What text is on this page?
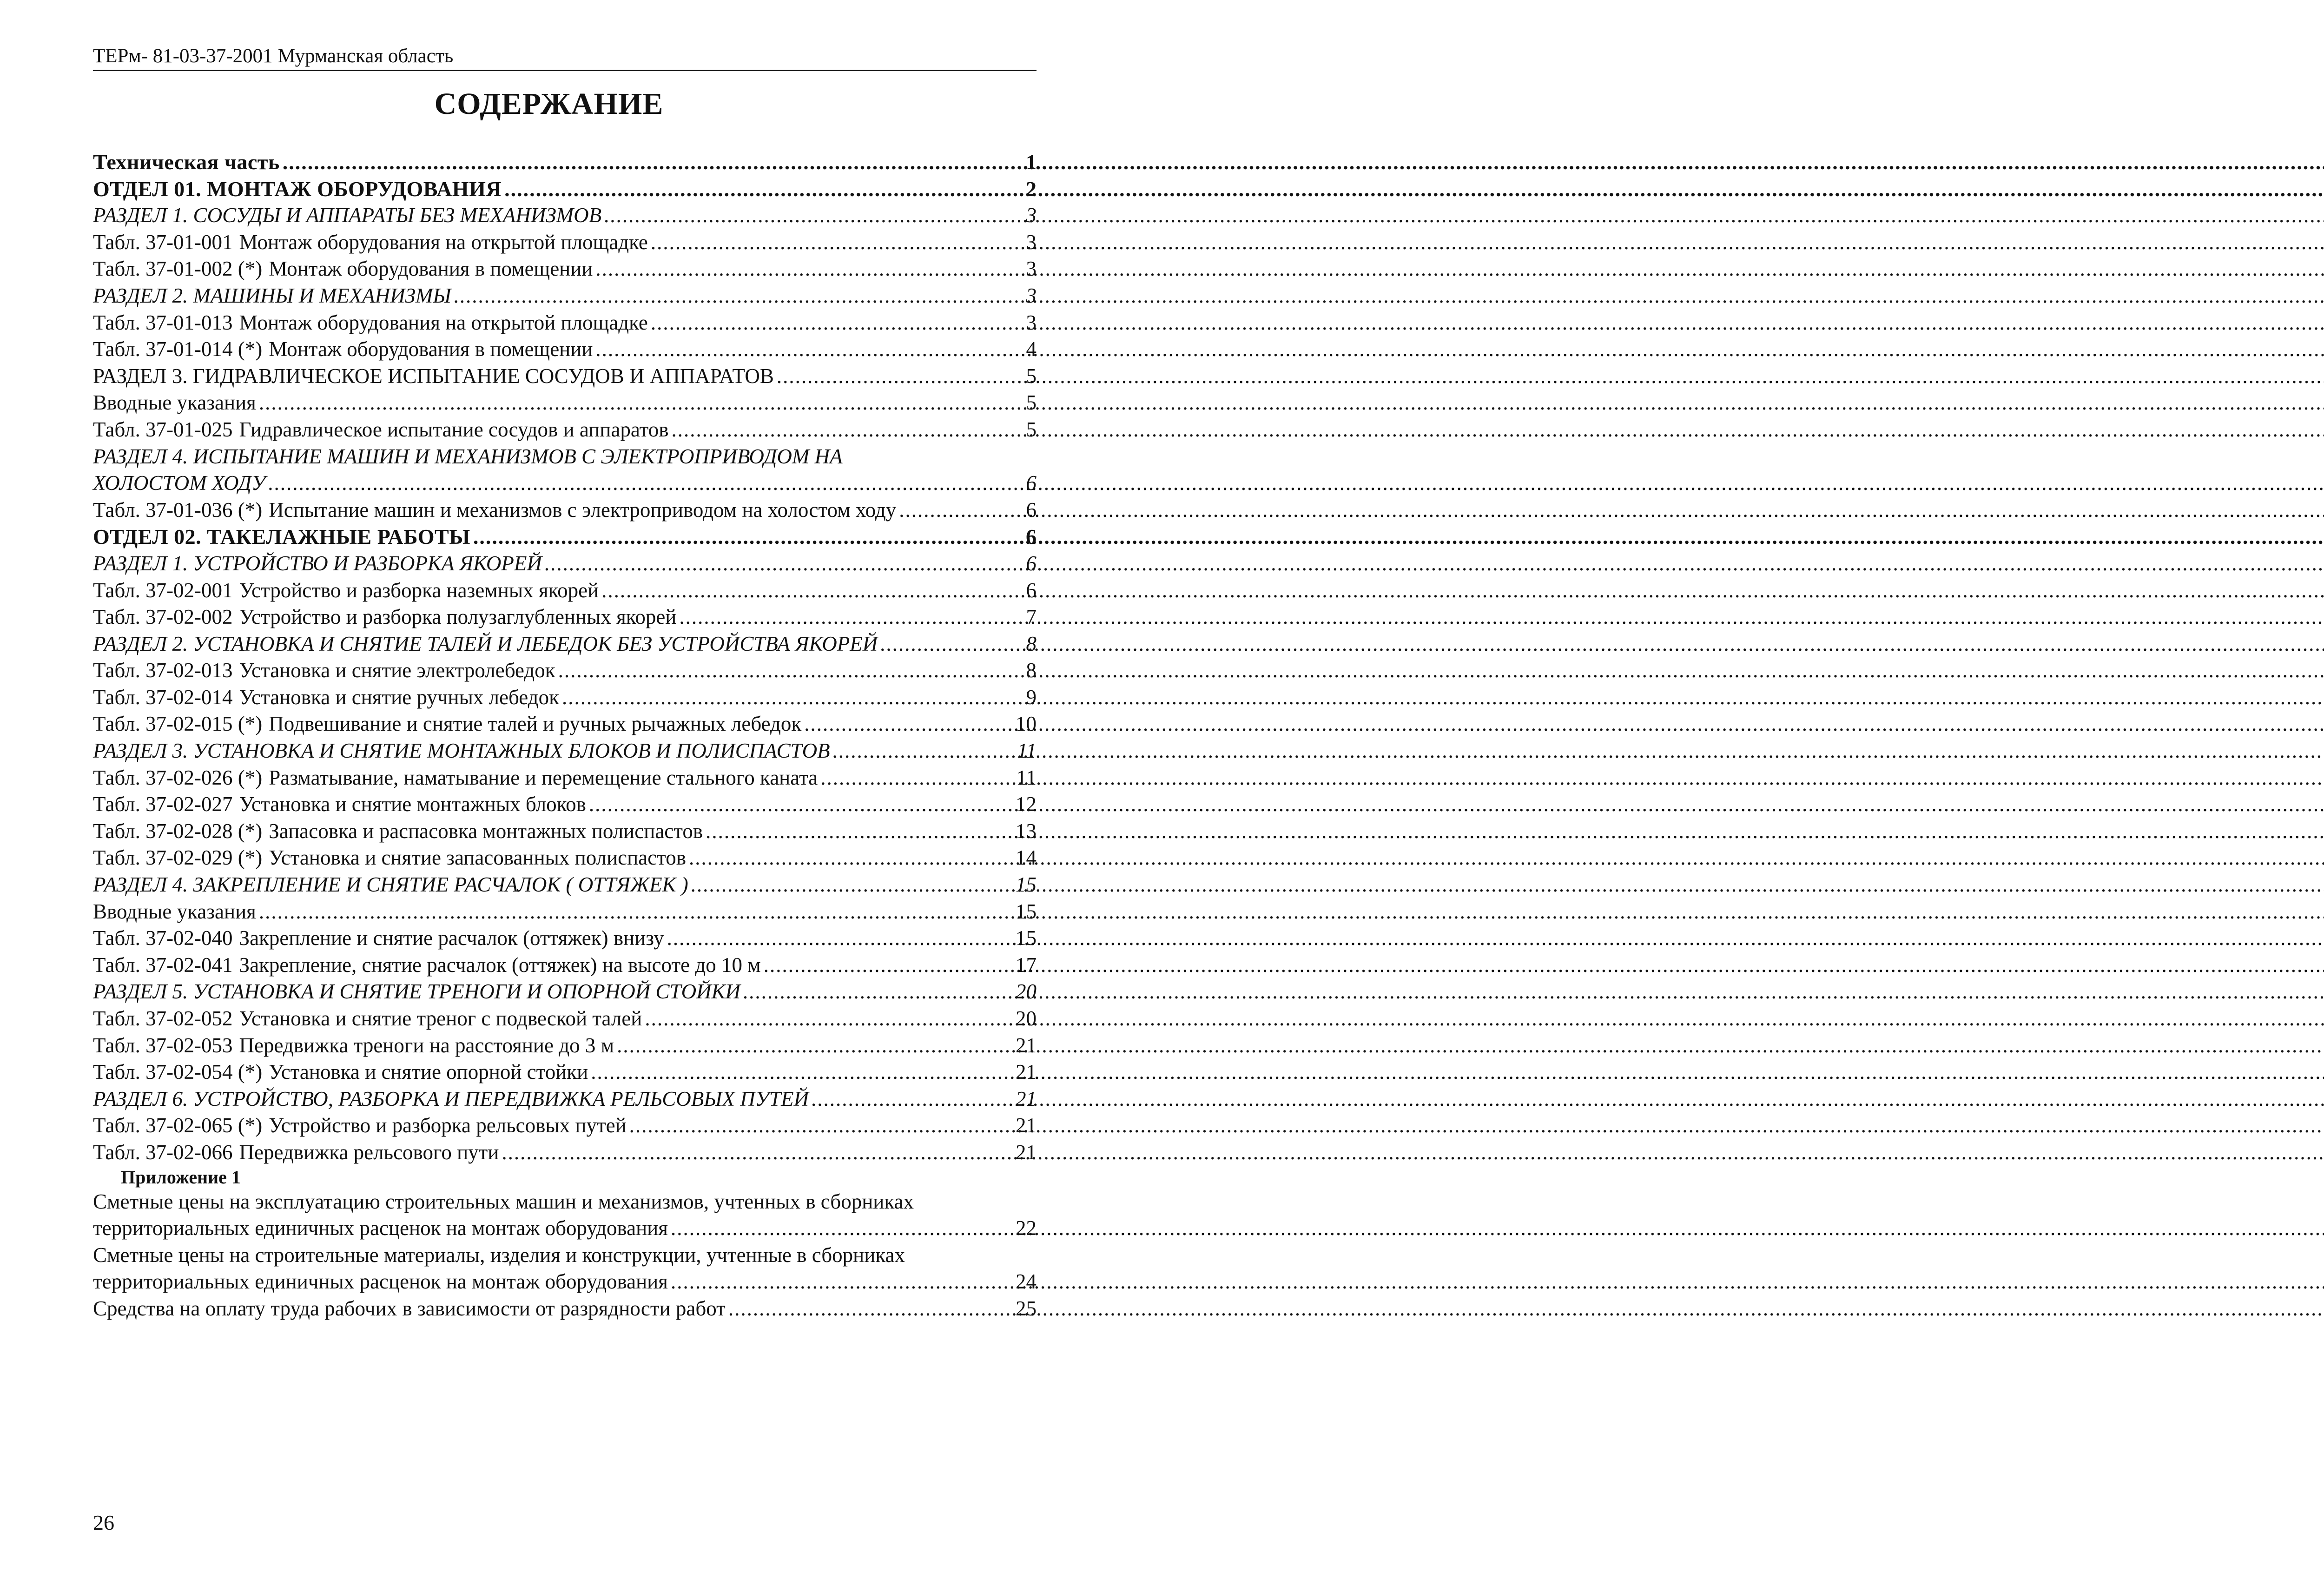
ТЕРм- 81-03-37-2001 Мурманская область
СОДЕРЖАНИЕ
Техническая часть .....	1
ОТДЕЛ 01. МОНТАЖ ОБОРУДОВАНИЯ .....	2
РАЗДЕЛ 1. СОСУДЫ И АППАРАТЫ БЕЗ МЕХАНИЗМОВ .....	3
Табл. 37-01-001 Монтаж оборудования на открытой площадке .....	3
Табл. 37-01-002 (*) Монтаж оборудования в помещении .....	3
РАЗДЕЛ 2. МАШИНЫ И МЕХАНИЗМЫ .....	3
Табл. 37-01-013 Монтаж оборудования на открытой площадке .....	3
Табл. 37-01-014 (*) Монтаж оборудования в помещении .....	4
РАЗДЕЛ 3. ГИДРАВЛИЧЕСКОЕ ИСПЫТАНИЕ СОСУДОВ И АППАРАТОВ .....	5
Вводные указания .....	5
Табл. 37-01-025 Гидравлическое испытание сосудов и аппаратов .....	5
РАЗДЕЛ 4. ИСПЫТАНИЕ МАШИН И МЕХАНИЗМОВ С ЭЛЕКТРОПРИВОДОМ НА
ХОЛОСТОМ ХОДУ .....	6
Табл. 37-01-036 (*) Испытание машин и механизмов с электроприводом на холостом ходу .....	6
ОТДЕЛ 02. ТАКЕЛАЖНЫЕ РАБОТЫ .....	6
РАЗДЕЛ 1. УСТРОЙСТВО И РАЗБОРКА ЯКОРЕЙ .....	6
Табл. 37-02-001 Устройство и разборка наземных якорей .....	6
Табл. 37-02-002 Устройство и разборка полузаглубленных якорей .....	7
РАЗДЕЛ 2. УСТАНОВКА И СНЯТИЕ ТАЛЕЙ И ЛЕБЕДОК БЕЗ УСТРОЙСТВА ЯКОРЕЙ .....	8
Табл. 37-02-013 Установка и снятие электролебедок .....	8
Табл. 37-02-014 Установка и снятие ручных лебедок .....	9
Табл. 37-02-015 (*) Подвешивание и снятие талей и ручных рычажных лебедок .....	10
РАЗДЕЛ 3. УСТАНОВКА И СНЯТИЕ МОНТАЖНЫХ БЛОКОВ И ПОЛИСПАСТОВ .....	11
Табл. 37-02-026 (*) Разматывание, наматывание и перемещение стального каната .....	11
Табл. 37-02-027 Установка и снятие монтажных блоков .....	12
Табл. 37-02-028 (*) Запасовка и распасовка монтажных полиспастов .....	13
Табл. 37-02-029 (*) Установка и снятие запасованных полиспастов .....	14
РАЗДЕЛ 4. ЗАКРЕПЛЕНИЕ И СНЯТИЕ РАСЧАЛОК ( ОТТЯЖЕК ) .....	15
Вводные указания .....	15
Табл. 37-02-040 Закрепление и снятие расчалок (оттяжек) внизу .....	15
Табл. 37-02-041 Закрепление, снятие расчалок (оттяжек) на высоте до 10 м .....	17
РАЗДЕЛ 5. УСТАНОВКА И СНЯТИЕ ТРЕНОГИ И ОПОРНОЙ СТОЙКИ .....	20
Табл. 37-02-052 Установка и снятие треног с подвеской талей .....	20
Табл. 37-02-053 Передвижка треноги на расстояние до 3 м .....	21
Табл. 37-02-054 (*) Установка и снятие опорной стойки .....	21
РАЗДЕЛ 6. УСТРОЙСТВО, РАЗБОРКА И ПЕРЕДВИЖКА РЕЛЬСОВЫХ ПУТЕЙ .....	21
Табл. 37-02-065 (*) Устройство и разборка рельсовых путей .....	21
Табл. 37-02-066 Передвижка рельсового пути .....	21
Приложение 1
Сметные цены на эксплуатацию строительных машин и механизмов, учтенных в сборниках
территориальных единичных расценок на монтаж оборудования .....	22
Сметные цены на строительные материалы, изделия и конструкции, учтенные в сборниках
территориальных единичных расценок на монтаж оборудования .....	24
Средства на оплату труда рабочих в зависимости от разрядности работ .....	25
26
